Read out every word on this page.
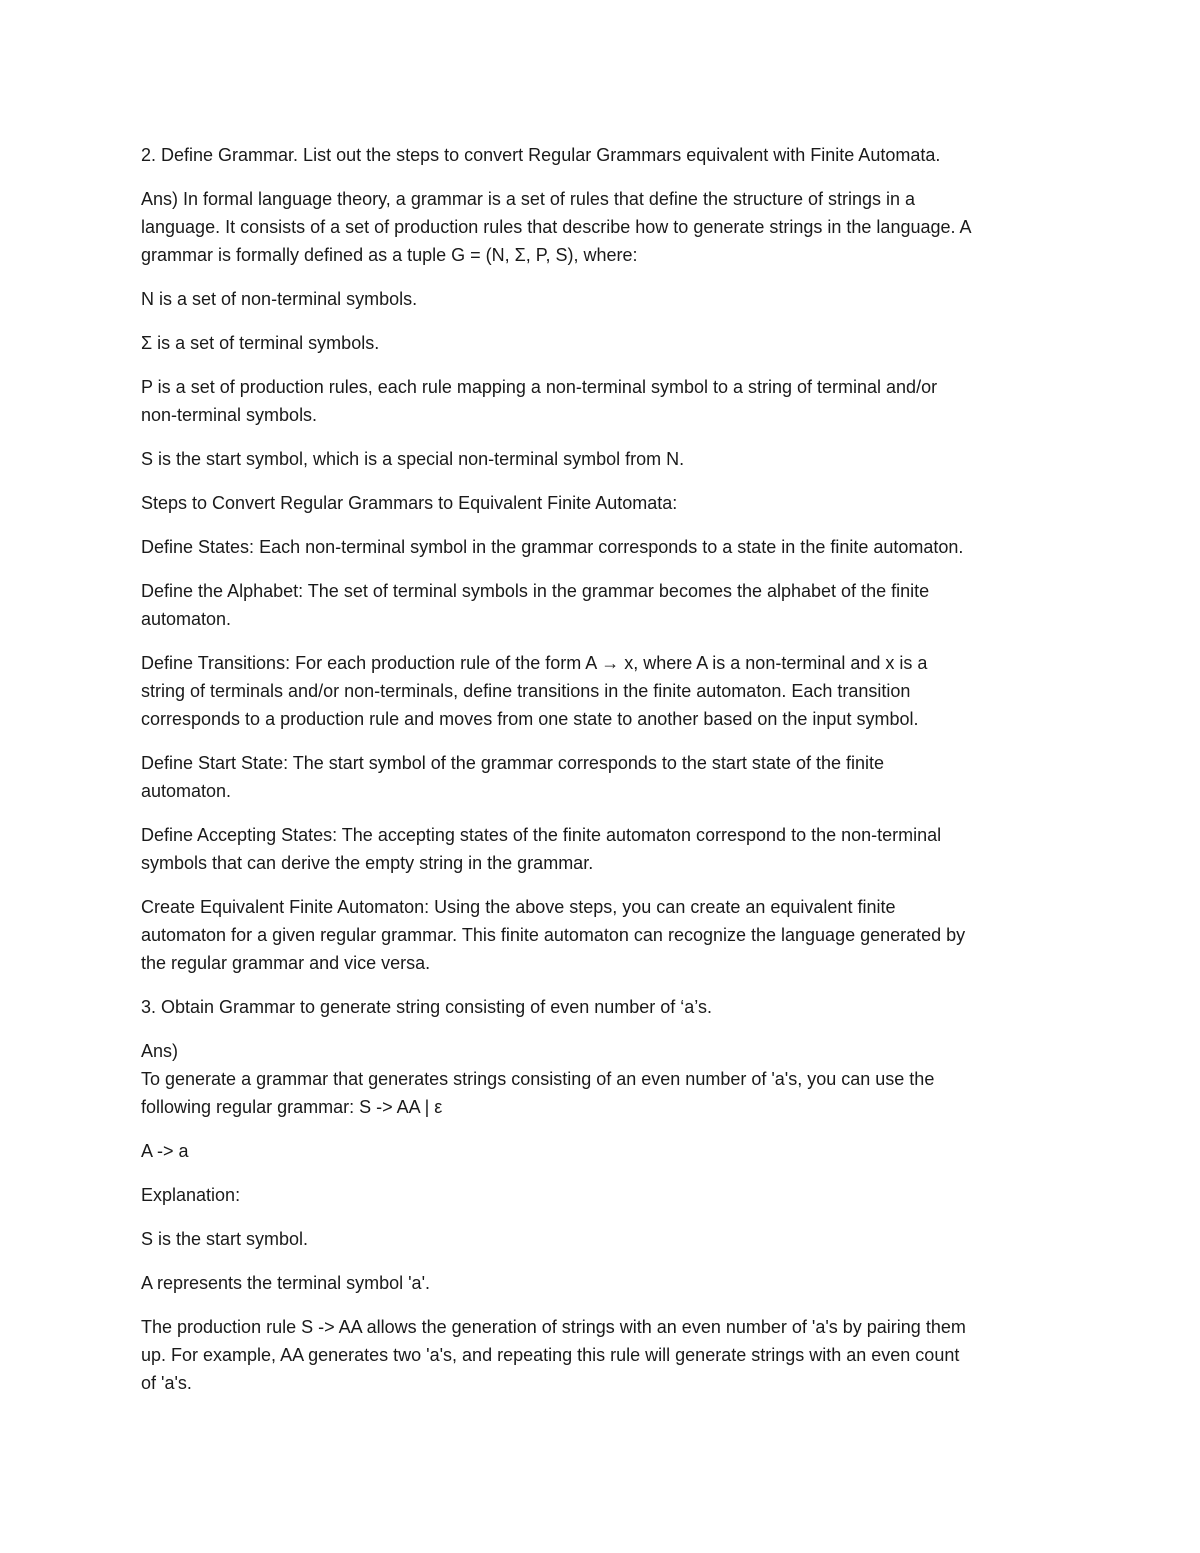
2. Define Grammar. List out the steps to convert Regular Grammars equivalent with Finite Automata.

Ans) In formal language theory, a grammar is a set of rules that define the structure of strings in a
language. It consists of a set of production rules that describe how to generate strings in the language. A
grammar is formally defined as a tuple G = (N, Σ, P, S), where:

N is a set of non-terminal symbols.

Σ is a set of terminal symbols.

P is a set of production rules, each rule mapping a non-terminal symbol to a string of terminal and/or
non-terminal symbols.

S is the start symbol, which is a special non-terminal symbol from N.

Steps to Convert Regular Grammars to Equivalent Finite Automata:

Define States: Each non-terminal symbol in the grammar corresponds to a state in the finite automaton.

Define the Alphabet: The set of terminal symbols in the grammar becomes the alphabet of the finite
automaton.

Define Transitions: For each production rule of the form A → x, where A is a non-terminal and x is a
string of terminals and/or non-terminals, define transitions in the finite automaton. Each transition
corresponds to a production rule and moves from one state to another based on the input symbol.

Define Start State: The start symbol of the grammar corresponds to the start state of the finite
automaton.

Define Accepting States: The accepting states of the finite automaton correspond to the non-terminal
symbols that can derive the empty string in the grammar.

Create Equivalent Finite Automaton: Using the above steps, you can create an equivalent finite
automaton for a given regular grammar. This finite automaton can recognize the language generated by
the regular grammar and vice versa.

3. Obtain Grammar to generate string consisting of even number of ‘a’s.

Ans)
To generate a grammar that generates strings consisting of an even number of 'a's, you can use the
following regular grammar: S -> AA | ε

A -> a

Explanation:

S is the start symbol.

A represents the terminal symbol 'a'.

The production rule S -> AA allows the generation of strings with an even number of 'a's by pairing them
up. For example, AA generates two 'a's, and repeating this rule will generate strings with an even count
of 'a's.
